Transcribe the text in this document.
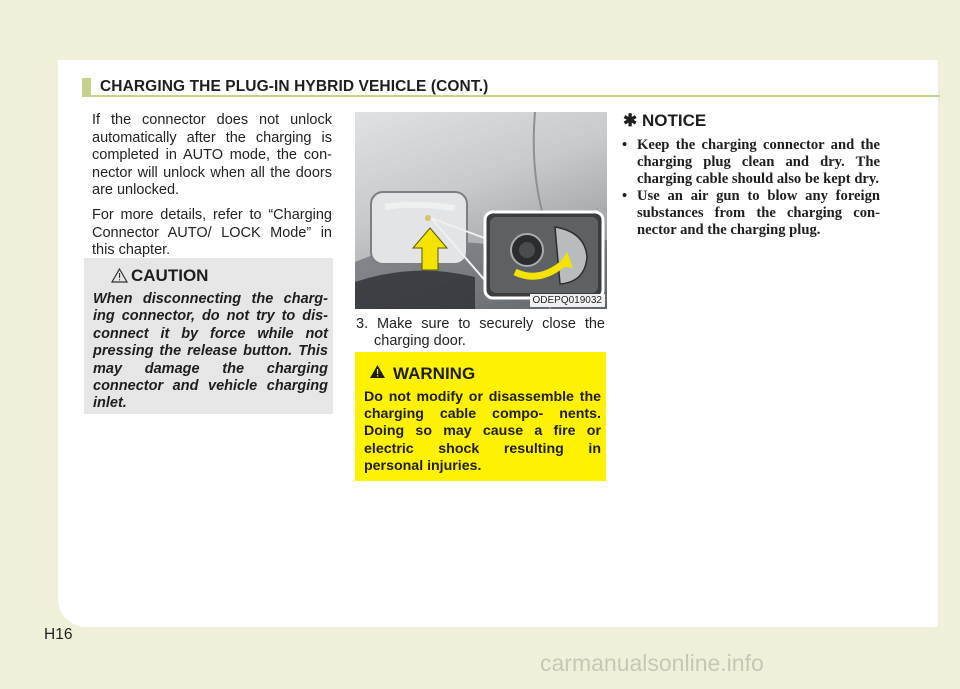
CHARGING THE PLUG-IN HYBRID VEHICLE (CONT.)

If the connector does not unlock automatically after the charging is completed in AUTO mode, the con- nector will unlock when all the doors are unlocked.

For more details, refer to “Charging Connector AUTO/ LOCK Mode” in this chapter.

CAUTION
When disconnecting the charg- ing connector, do not try to dis- connect it by force while not pressing the release button. This may damage the charging connector and vehicle charging inlet.
ODEPQ019032
3. Make sure to securely close the charging door.
WARNING
Do not modify or disassemble the charging cable compo- nents. Doing so may cause a fire or electric shock resulting in personal injuries.
✱ NOTICE
• Keep the charging connector and the charging plug clean and dry. The charging cable should also be kept dry.
• Use an air gun to blow any foreign substances from the charging con- nector and the charging plug.
H16
carmanualsonline.info
